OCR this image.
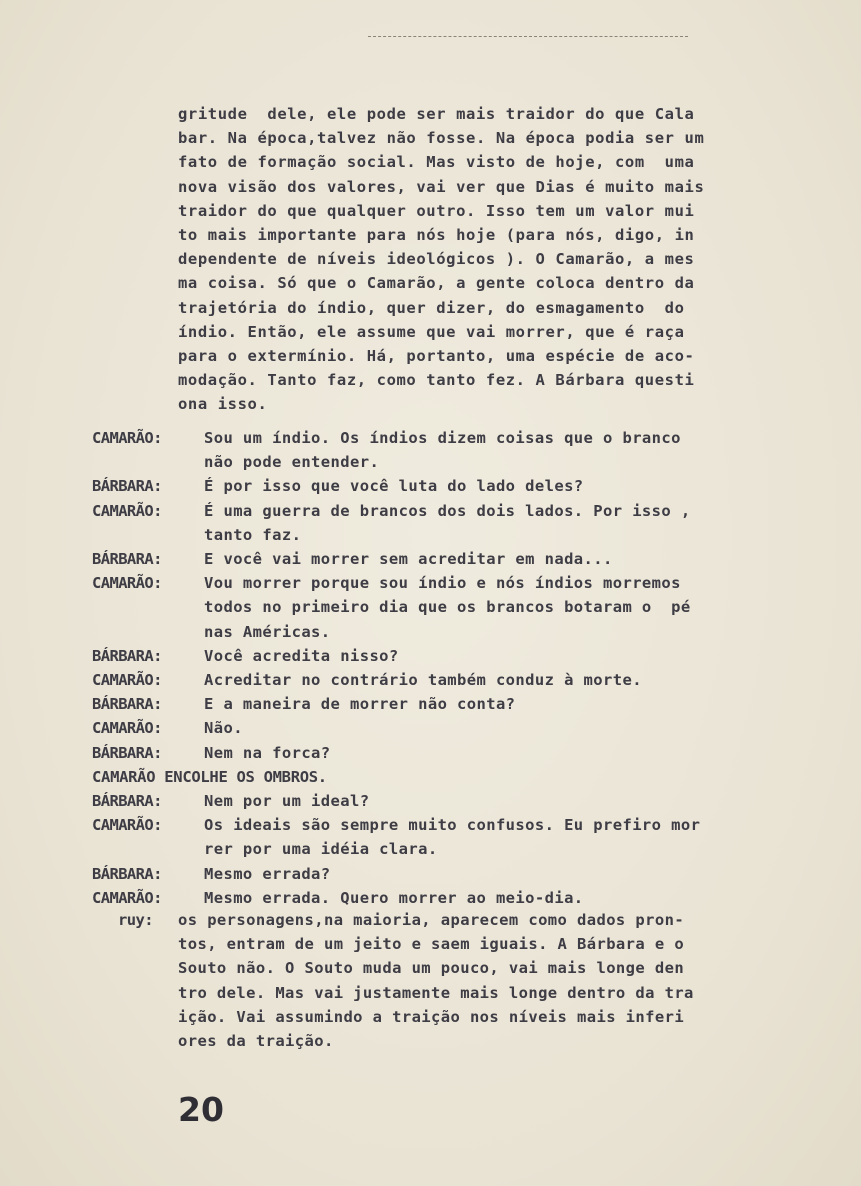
gritude  dele, ele pode ser mais traidor do que Cala
bar. Na época,talvez não fosse. Na época podia ser um
fato de formação social. Mas visto de hoje, com  uma
nova visão dos valores, vai ver que Dias é muito mais
traidor do que qualquer outro. Isso tem um valor mui
to mais importante para nós hoje (para nós, digo, in
dependente de níveis ideológicos ). O Camarão, a mes
ma coisa. Só que o Camarão, a gente coloca dentro da
trajetória do índio, quer dizer, do esmagamento  do
índio. Então, ele assume que vai morrer, que é raça
para o extermínio. Há, portanto, uma espécie de aco-
modação. Tanto faz, como tanto fez. A Bárbara questi
ona isso.
CAMARÃO:	Sou um índio. Os índios dizem coisas que o branco
não pode entender.
BÁRBARA:	É por isso que você luta do lado deles?
CAMARÃO:	É uma guerra de brancos dos dois lados. Por isso ,
tanto faz.
BÁRBARA:	E você vai morrer sem acreditar em nada...
CAMARÃO:	Vou morrer porque sou índio e nós índios morremos
todos no primeiro dia que os brancos botaram o  pé
nas Américas.
BÁRBARA:	Você acredita nisso?
CAMARÃO:	Acreditar no contrário também conduz à morte.
BÁRBARA:	E a maneira de morrer não conta?
CAMARÃO:	Não.
BÁRBARA:	Nem na forca?
CAMARÃO ENCOLHE OS OMBROS.
BÁRBARA:	Nem por um ideal?
CAMARÃO:	Os ideais são sempre muito confusos. Eu prefiro mor
rer por uma idéia clara.
BÁRBARA:	Mesmo errada?
CAMARÃO:	Mesmo errada. Quero morrer ao meio-dia.
ruy:	os personagens,na maioria, aparecem como dados pron-
tos, entram de um jeito e saem iguais. A Bárbara e o
Souto não. O Souto muda um pouco, vai mais longe den
tro dele. Mas vai justamente mais longe dentro da tra
ição. Vai assumindo a traição nos níveis mais inferi
ores da traição.
20
